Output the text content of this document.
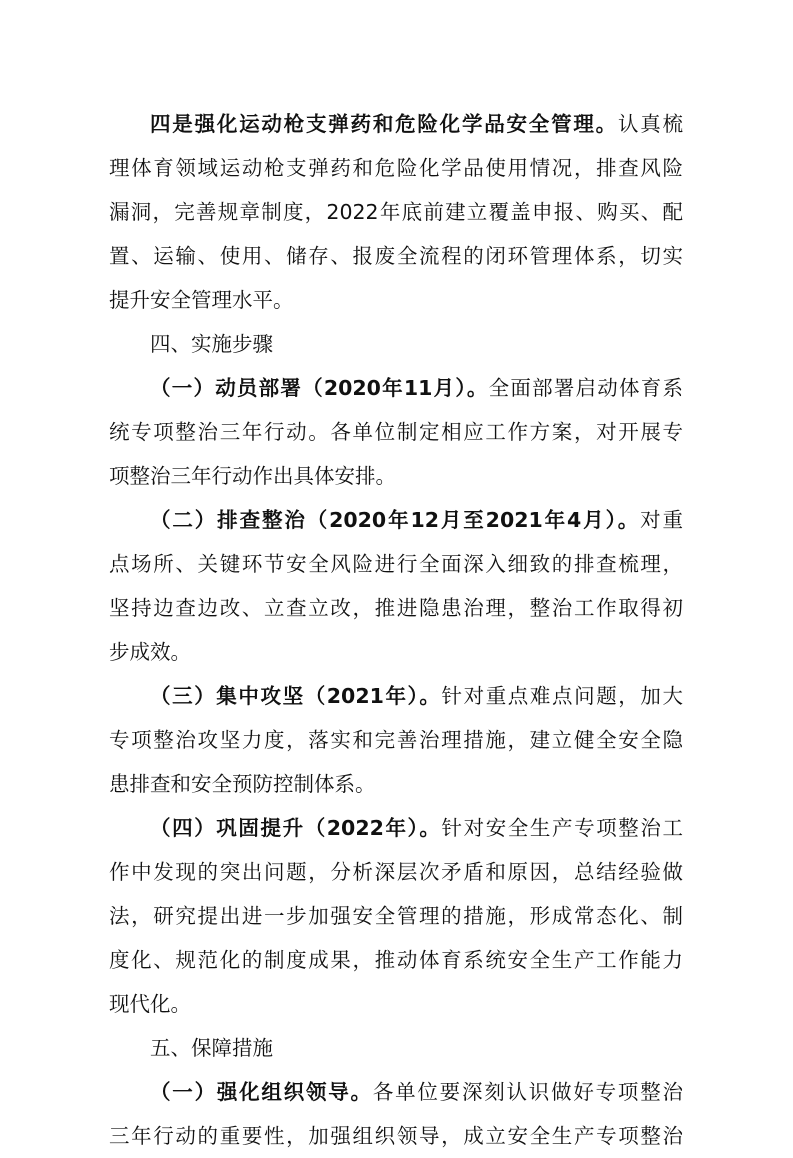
四是强化运动枪支弹药和危险化学品安全管理。认真梳
理体育领域运动枪支弹药和危险化学品使用情况，排查风险
漏洞，完善规章制度，2022年底前建立覆盖申报、购买、配
置、运输、使用、储存、报废全流程的闭环管理体系，切实
提升安全管理水平。
四、实施步骤
（一）动员部署（2020年11月）。全面部署启动体育系
统专项整治三年行动。各单位制定相应工作方案，对开展专
项整治三年行动作出具体安排。
（二）排查整治（2020年12月至2021年4月）。对重
点场所、关键环节安全风险进行全面深入细致的排查梳理，
坚持边查边改、立查立改，推进隐患治理，整治工作取得初
步成效。
（三）集中攻坚（2021年）。针对重点难点问题，加大
专项整治攻坚力度，落实和完善治理措施，建立健全安全隐
患排查和安全预防控制体系。
（四）巩固提升（2022年）。针对安全生产专项整治工
作中发现的突出问题，分析深层次矛盾和原因，总结经验做
法，研究提出进一步加强安全管理的措施，形成常态化、制
度化、规范化的制度成果，推动体育系统安全生产工作能力
现代化。
五、保障措施
（一）强化组织领导。各单位要深刻认识做好专项整治
三年行动的重要性，加强组织领导，成立安全生产专项整治
